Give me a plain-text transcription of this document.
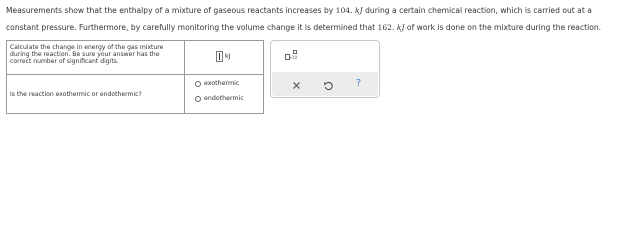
Measurements show that the enthalpy of a mixture of gaseous reactants increases by 104. kJ during a certain chemical reaction, which is carried out at a
constant pressure. Furthermore, by carefully monitoring the volume change it is determined that 162. kJ of work is done on the mixture during the reaction.
Calculate the change in energy of the gas mixture during the reaction. Be sure your answer has the correct number of significant digits.
kJ
exothermic
endothermic
Is the reaction exothermic or endothermic?
x10
?
